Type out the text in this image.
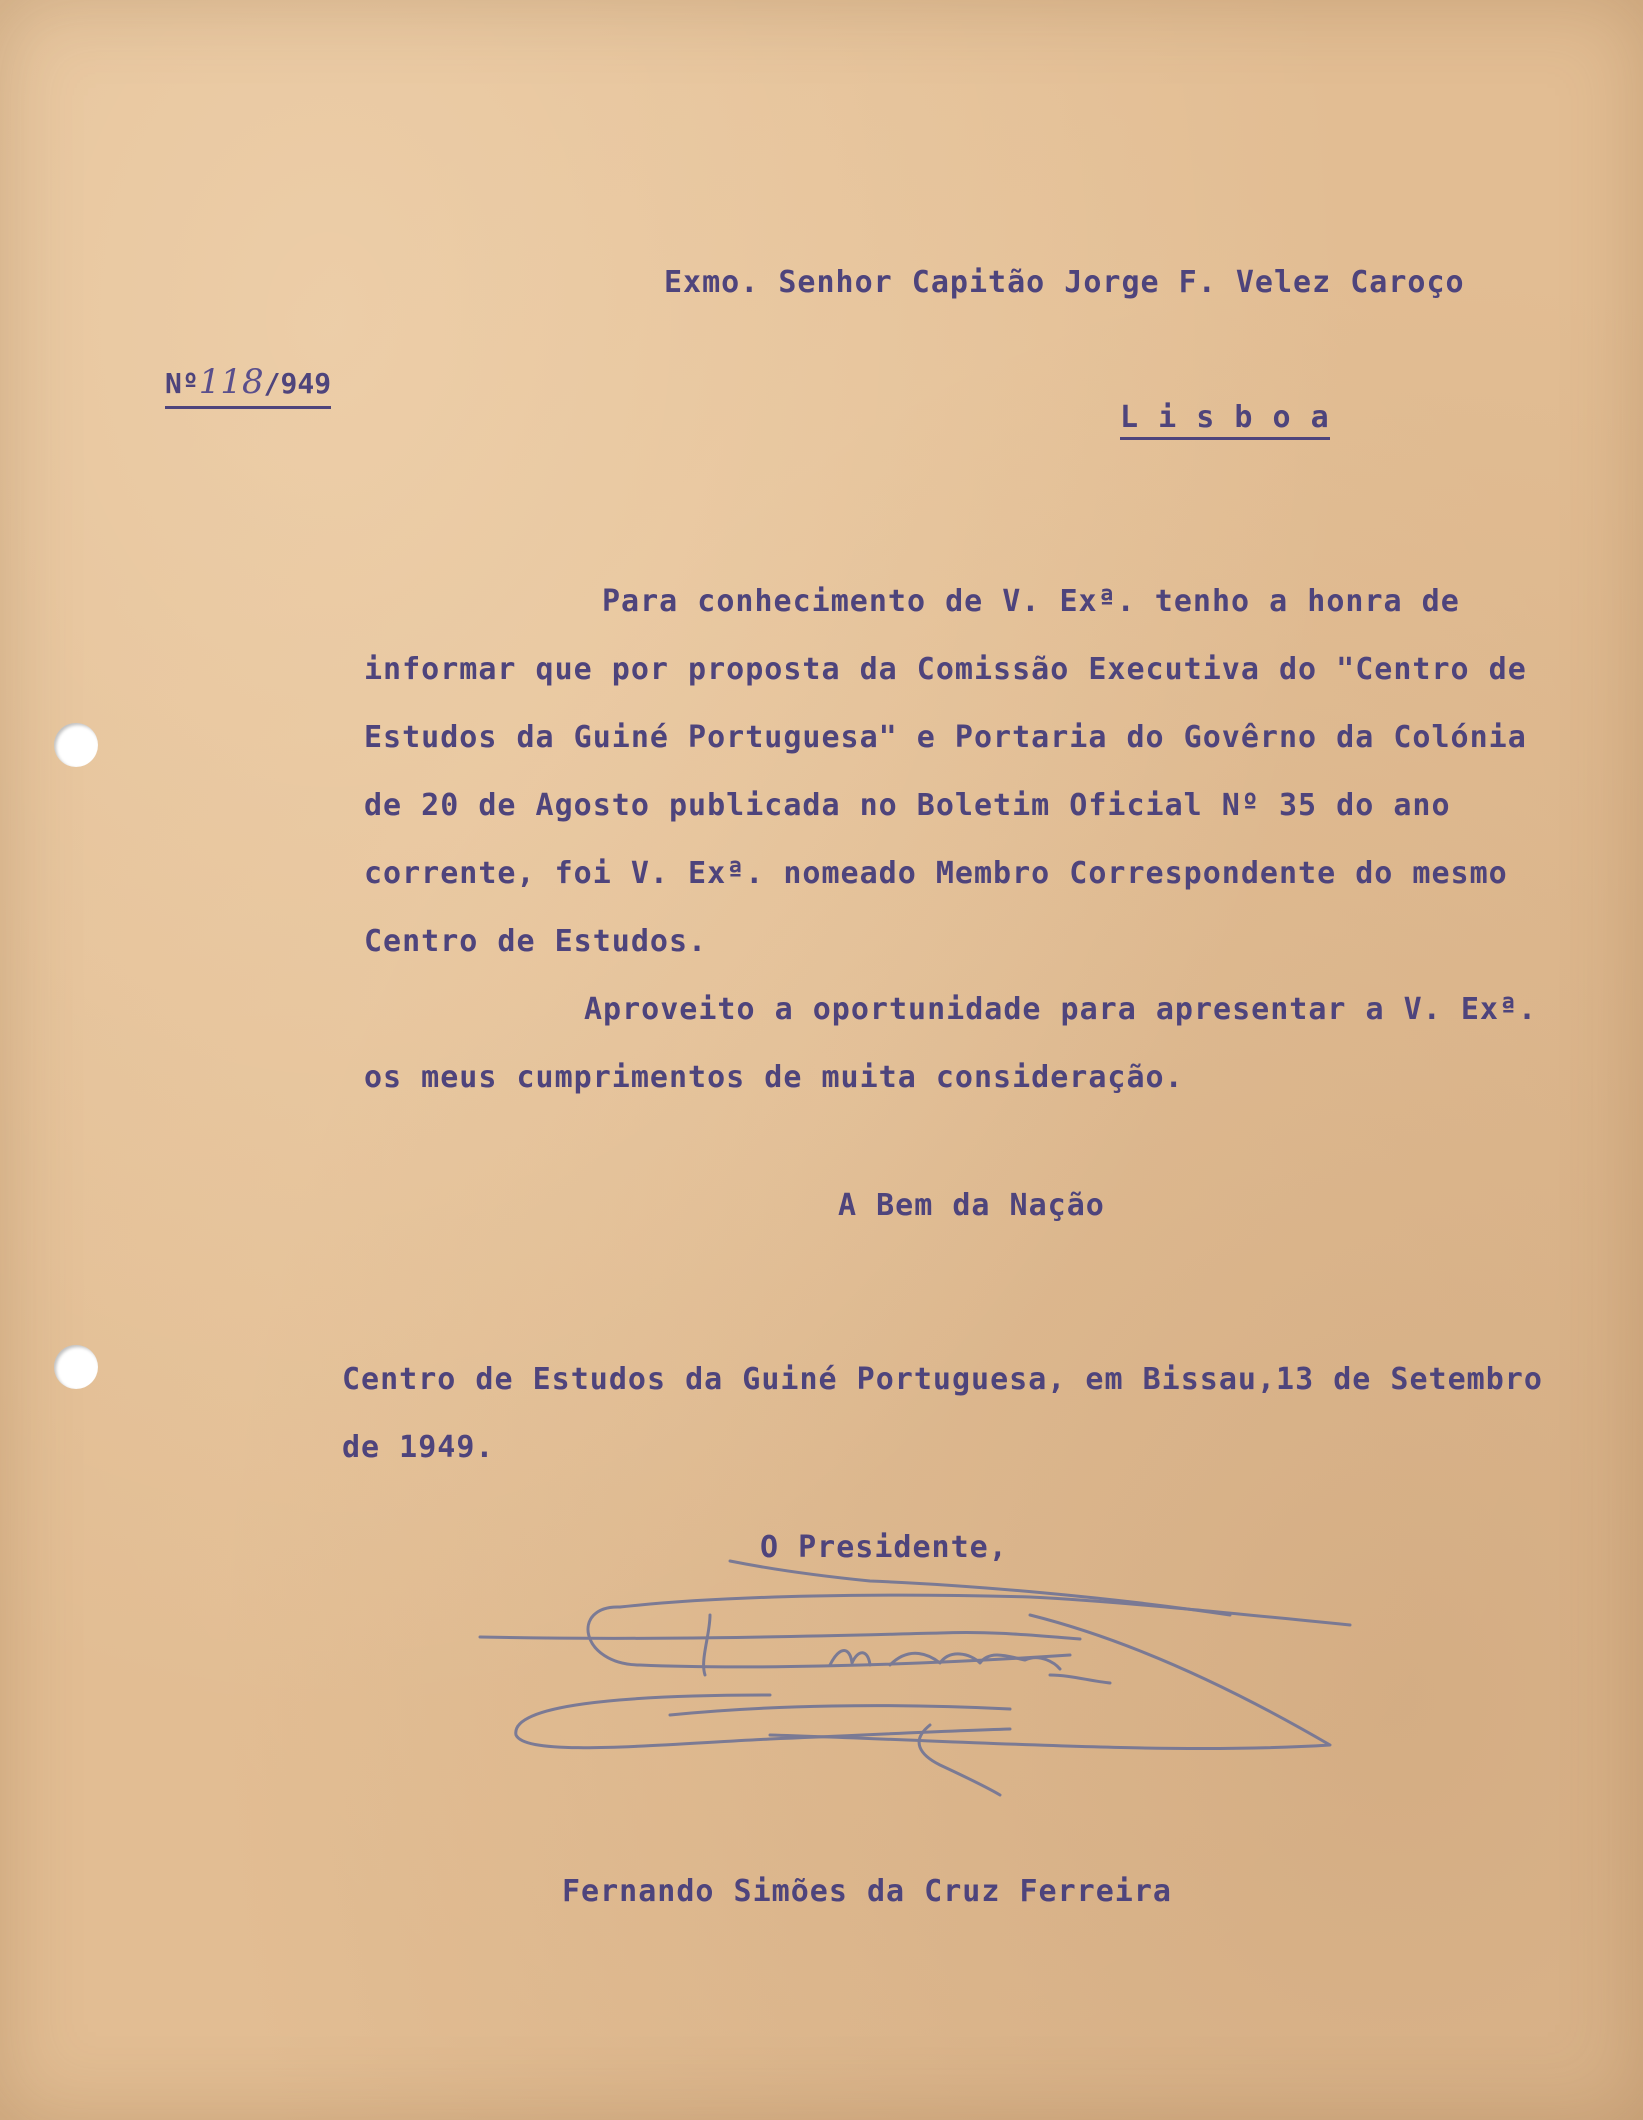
Exmo. Senhor Capitão Jorge F. Velez Caroço
Nº118/949
L i s b o a

Para conhecimento de V. Exª. tenho a honra de informar que por proposta da Comissão Executiva do "Centro de Estudos da Guiné Portuguesa" e Portaria do Govêrno da Colónia de 20 de Agosto publicada no Boletim Oficial Nº 35 do ano corrente, foi V. Exª. nomeado Membro Correspondente do mesmo Centro de Estudos.

Aproveito a oportunidade para apresentar a V. Exª. os meus cumprimentos de muita consideração.

A Bem da Nação

Centro de Estudos da Guiné Portuguesa, em Bissau,13 de Setembro de 1949.

O Presidente,
Fernando Simões da Cruz Ferreira
